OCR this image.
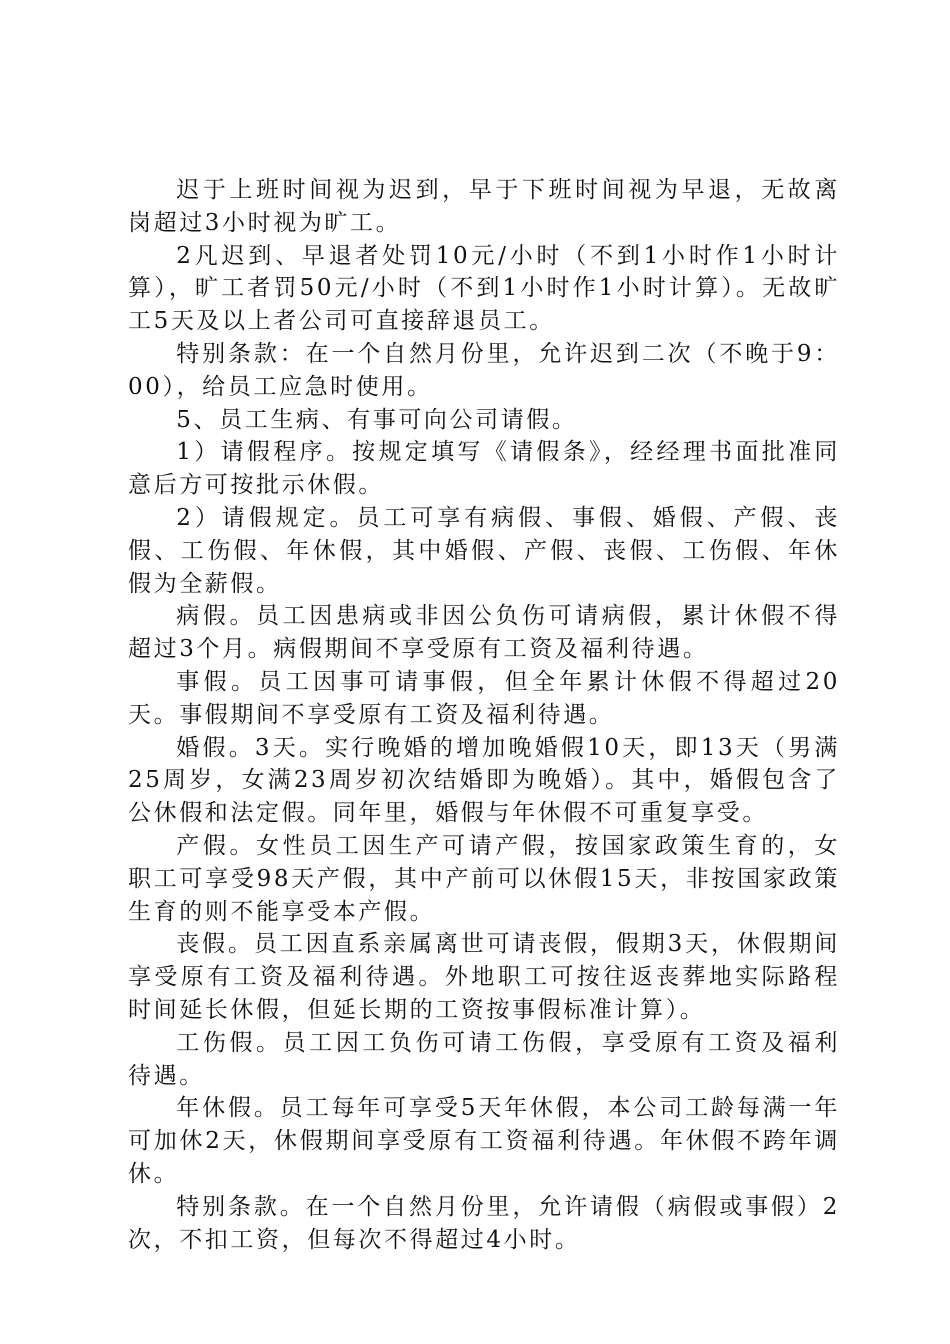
迟于上班时间视为迟到，早于下班时间视为早退，无故离岗超过3小时视为旷工。

2凡迟到、早退者处罚10元/小时（不到1小时作1小时计算），旷工者罚50元/小时（不到1小时作1小时计算）。无故旷工5天及以上者公司可直接辞退员工。

特别条款：在一个自然月份里，允许迟到二次（不晚于9：00），给员工应急时使用。

5、员工生病、有事可向公司请假。

1）请假程序。按规定填写《请假条》，经经理书面批准同意后方可按批示休假。

2）请假规定。员工可享有病假、事假、婚假、产假、丧假、工伤假、年休假，其中婚假、产假、丧假、工伤假、年休假为全薪假。

病假。员工因患病或非因公负伤可请病假，累计休假不得超过3个月。病假期间不享受原有工资及福利待遇。

事假。员工因事可请事假，但全年累计休假不得超过20天。事假期间不享受原有工资及福利待遇。

婚假。3天。实行晚婚的增加晚婚假10天，即13天（男满25周岁，女满23周岁初次结婚即为晚婚）。其中，婚假包含了公休假和法定假。同年里，婚假与年休假不可重复享受。

产假。女性员工因生产可请产假，按国家政策生育的，女职工可享受98天产假，其中产前可以休假15天，非按国家政策生育的则不能享受本产假。

丧假。员工因直系亲属离世可请丧假，假期3天，休假期间享受原有工资及福利待遇。外地职工可按往返丧葬地实际路程时间延长休假，但延长期的工资按事假标准计算）。

工伤假。员工因工负伤可请工伤假，享受原有工资及福利待遇。

年休假。员工每年可享受5天年休假，本公司工龄每满一年可加休2天，休假期间享受原有工资福利待遇。年休假不跨年调休。

特别条款。在一个自然月份里，允许请假（病假或事假）2次，不扣工资，但每次不得超过4小时。
